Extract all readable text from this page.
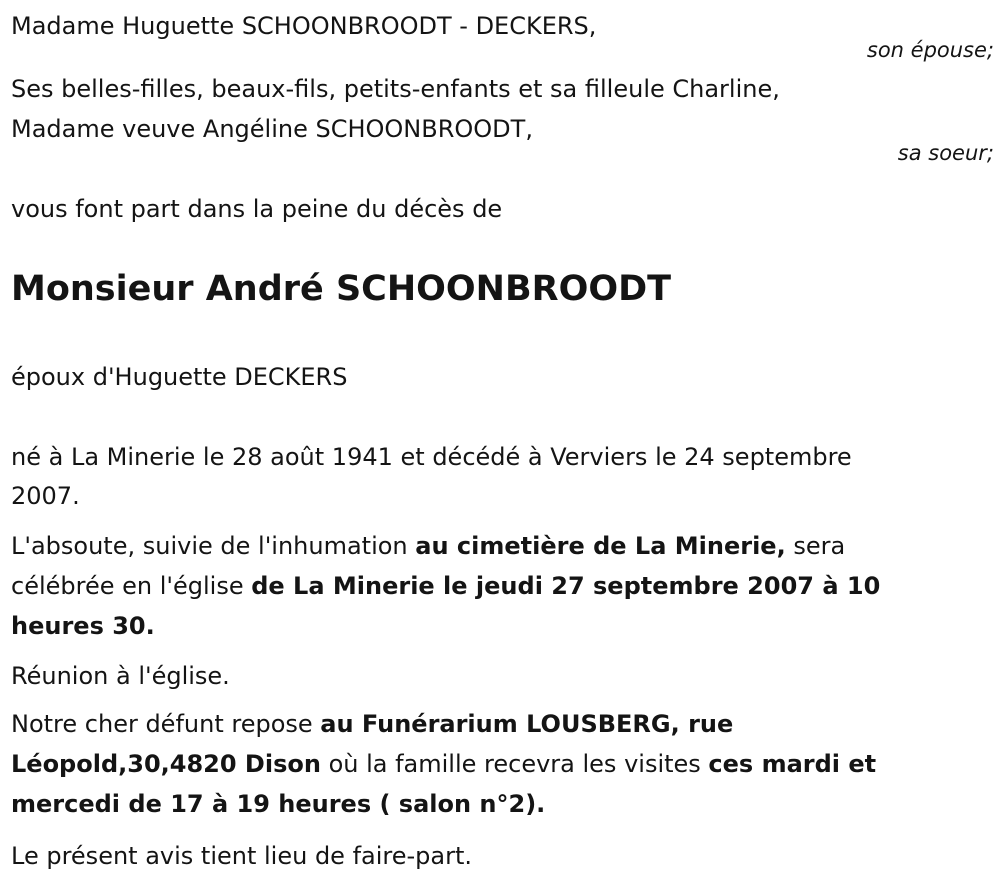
Madame Huguette SCHOONBROODT - DECKERS,
son épouse;
Ses belles-filles, beaux-fils, petits-enfants et sa filleule Charline,
Madame veuve Angéline SCHOONBROODT,
sa soeur;
vous font part dans la peine du décès de
Monsieur André SCHOONBROODT
époux d'Huguette DECKERS
né à La Minerie le 28 août 1941 et décédé à Verviers le 24 septembre
2007.
L'absoute, suivie de l'inhumation au cimetière de La Minerie, sera
célébrée en l'église de La Minerie le jeudi 27 septembre 2007 à 10
heures 30.
Réunion à l'église.
Notre cher défunt repose au Funérarium LOUSBERG, rue
Léopold,30,4820 Dison où la famille recevra les visites ces mardi et
mercedi de 17 à 19 heures ( salon n°2).
Le présent avis tient lieu de faire-part.
